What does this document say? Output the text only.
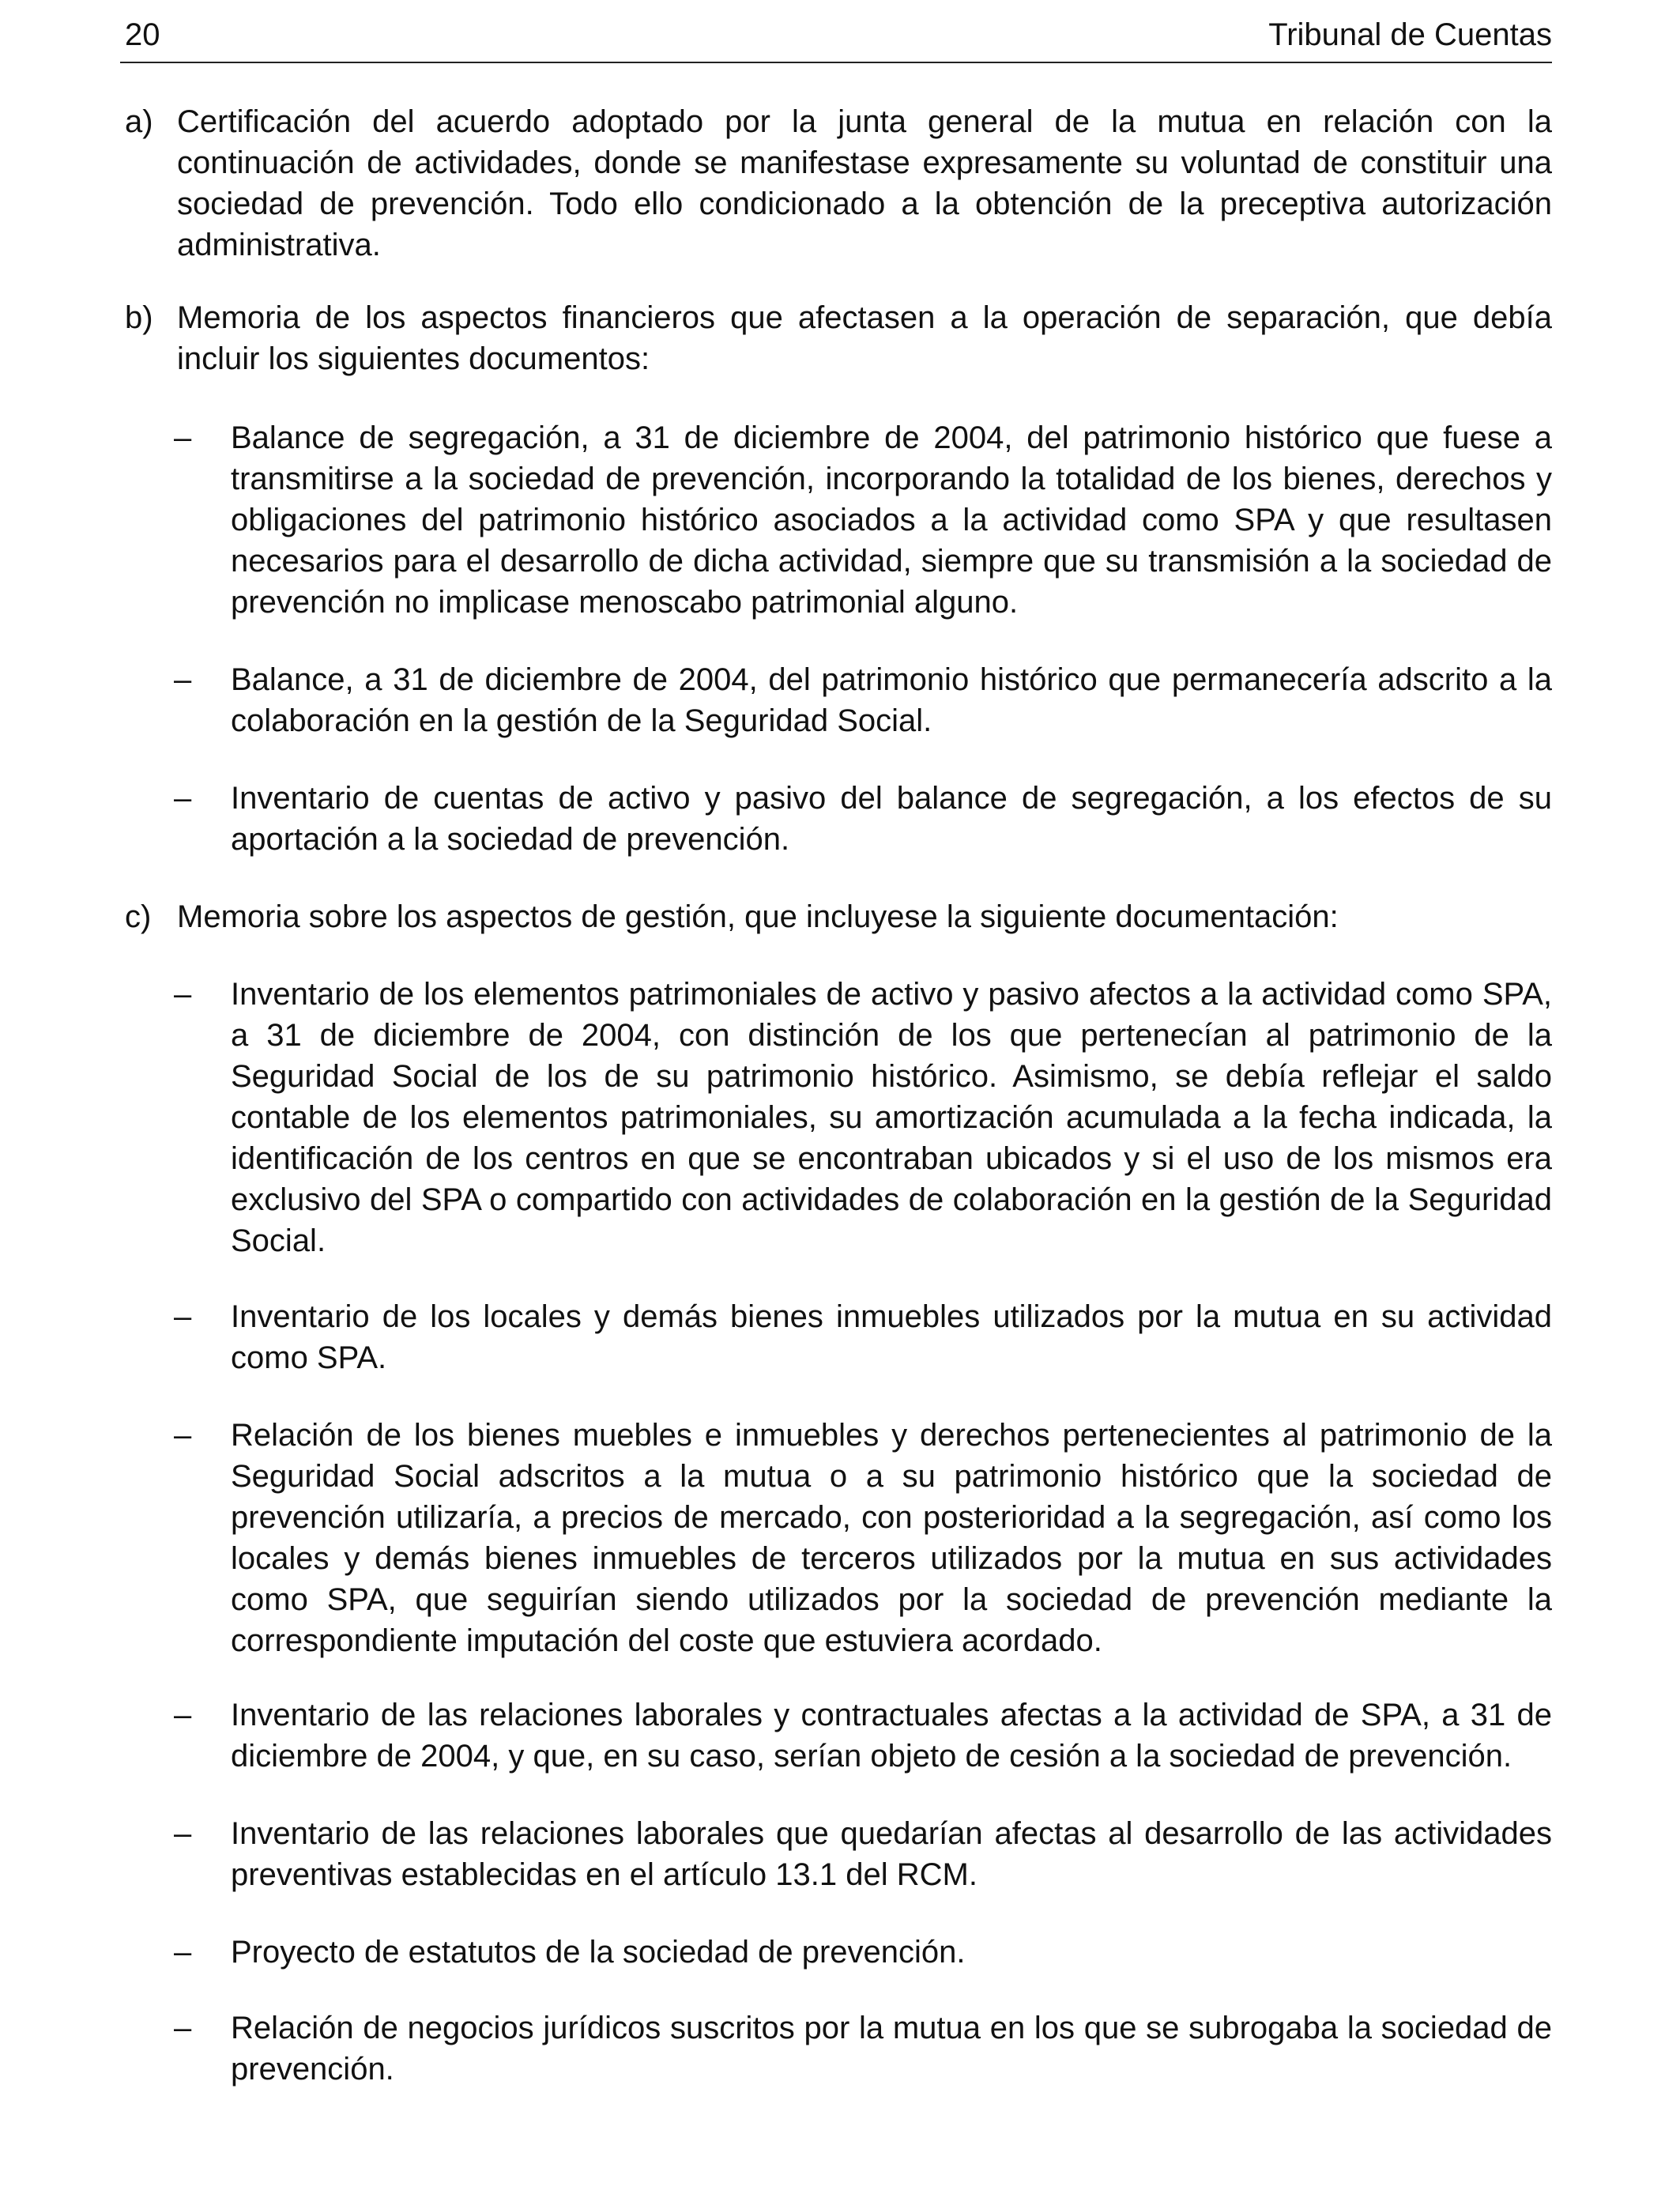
20	Tribunal de Cuentas
a) Certificación del acuerdo adoptado por la junta general de la mutua en relación con la continuación de actividades, donde se manifestase expresamente su voluntad de constituir una sociedad de prevención. Todo ello condicionado a la obtención de la preceptiva autorización administrativa.
b) Memoria de los aspectos financieros que afectasen a la operación de separación, que debía incluir los siguientes documentos:
– Balance de segregación, a 31 de diciembre de 2004, del patrimonio histórico que fuese a transmitirse a la sociedad de prevención, incorporando la totalidad de los bienes, derechos y obligaciones del patrimonio histórico asociados a la actividad como SPA y que resultasen necesarios para el desarrollo de dicha actividad, siempre que su transmisión a la sociedad de prevención no implicase menoscabo patrimonial alguno.
– Balance, a 31 de diciembre de 2004, del patrimonio histórico que permanecería adscrito a la colaboración en la gestión de la Seguridad Social.
– Inventario de cuentas de activo y pasivo del balance de segregación, a los efectos de su aportación a la sociedad de prevención.
c) Memoria sobre los aspectos de gestión, que incluyese la siguiente documentación:
– Inventario de los elementos patrimoniales de activo y pasivo afectos a la actividad como SPA, a 31 de diciembre de 2004, con distinción de los que pertenecían al patrimonio de la Seguridad Social de los de su patrimonio histórico. Asimismo, se debía reflejar el saldo contable de los elementos patrimoniales, su amortización acumulada a la fecha indicada, la identificación de los centros en que se encontraban ubicados y si el uso de los mismos era exclusivo del SPA o compartido con actividades de colaboración en la gestión de la Seguridad Social.
– Inventario de los locales y demás bienes inmuebles utilizados por la mutua en su actividad como SPA.
– Relación de los bienes muebles e inmuebles y derechos pertenecientes al patrimonio de la Seguridad Social adscritos a la mutua o a su patrimonio histórico que la sociedad de prevención utilizaría, a precios de mercado, con posterioridad a la segregación, así como los locales y demás bienes inmuebles de terceros utilizados por la mutua en sus actividades como SPA, que seguirían siendo utilizados por la sociedad de prevención mediante la correspondiente imputación del coste que estuviera acordado.
– Inventario de las relaciones laborales y contractuales afectas a la actividad de SPA, a 31 de diciembre de 2004, y que, en su caso, serían objeto de cesión a la sociedad de prevención.
– Inventario de las relaciones laborales que quedarían afectas al desarrollo de las actividades preventivas establecidas en el artículo 13.1 del RCM.
– Proyecto de estatutos de la sociedad de prevención.
– Relación de negocios jurídicos suscritos por la mutua en los que se subrogaba la sociedad de prevención.
